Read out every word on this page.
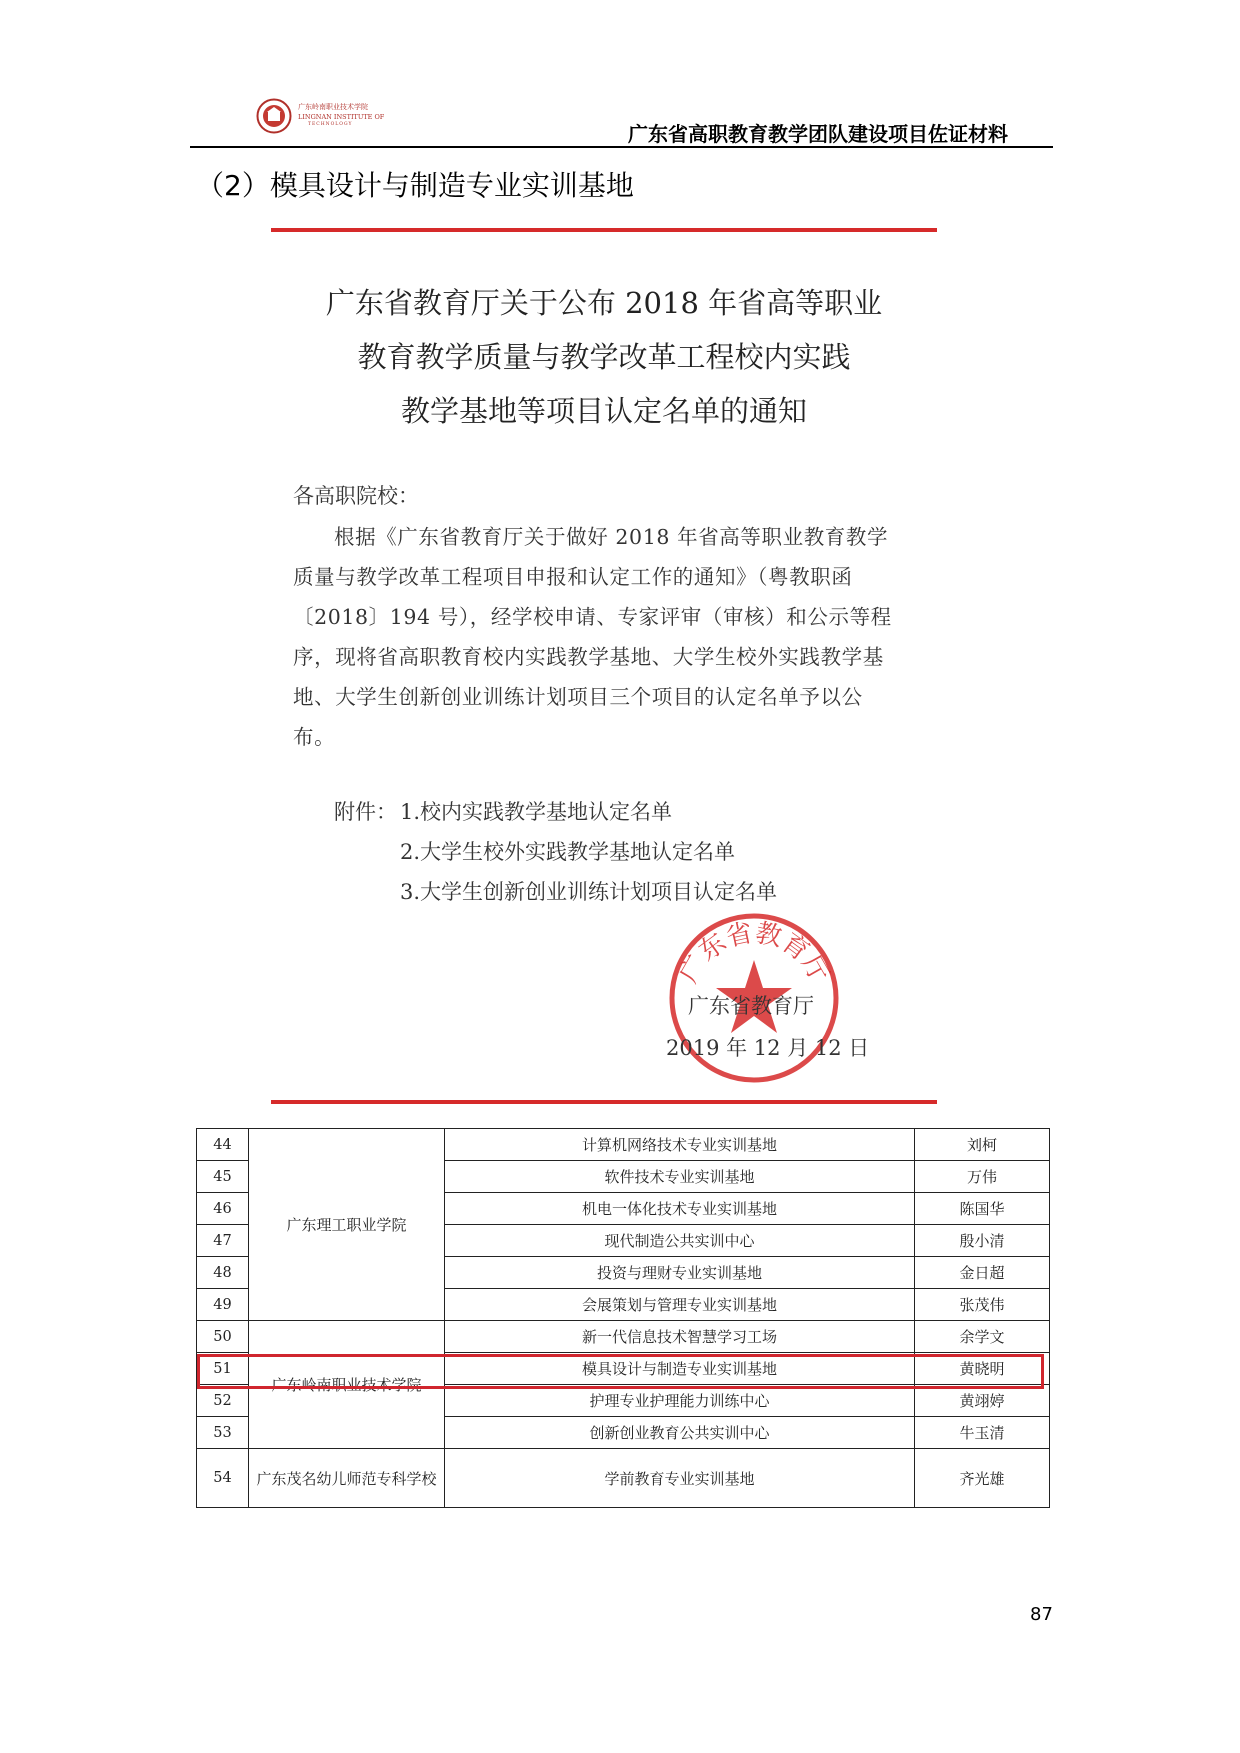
广东岭南职业技术学院
LINGNAN INSTITUTE OF
TECHNOLOGY	广东省高职教育教学团队建设项目佐证材料
（2）模具设计与制造专业实训基地
广东省教育厅关于公布 2018 年省高等职业
教育教学质量与教学改革工程校内实践
教学基地等项目认定名单的通知
各高职院校：
根据《广东省教育厅关于做好 2018 年省高等职业教育教学
质量与教学改革工程项目申报和认定工作的通知》（粤教职函
〔2018〕194 号），经学校申请、专家评审（审核）和公示等程
序，现将省高职教育校内实践教学基地、大学生校外实践教学基
地、大学生创新创业训练计划项目三个项目的认定名单予以公
布。
附件： 1.校内实践教学基地认定名单
2.大学生校外实践教学基地认定名单
3.大学生创新创业训练计划项目认定名单
广东省教育厅
广东省教育厅
2019 年 12 月 12 日
44	广东理工职业学院	计算机网络技术专业实训基地	刘柯
45		软件技术专业实训基地	万伟
46		机电一体化技术专业实训基地	陈国华
47		现代制造公共实训中心	殷小清
48		投资与理财专业实训基地	金日超
49		会展策划与管理专业实训基地	张茂伟
50	广东岭南职业技术学院	新一代信息技术智慧学习工场	余学文
51		模具设计与制造专业实训基地	黄晓明
52		护理专业护理能力训练中心	黄翊婷
53		创新创业教育公共实训中心	牛玉清
54	广东茂名幼儿师范专科学校	学前教育专业实训基地	齐光雄
87
